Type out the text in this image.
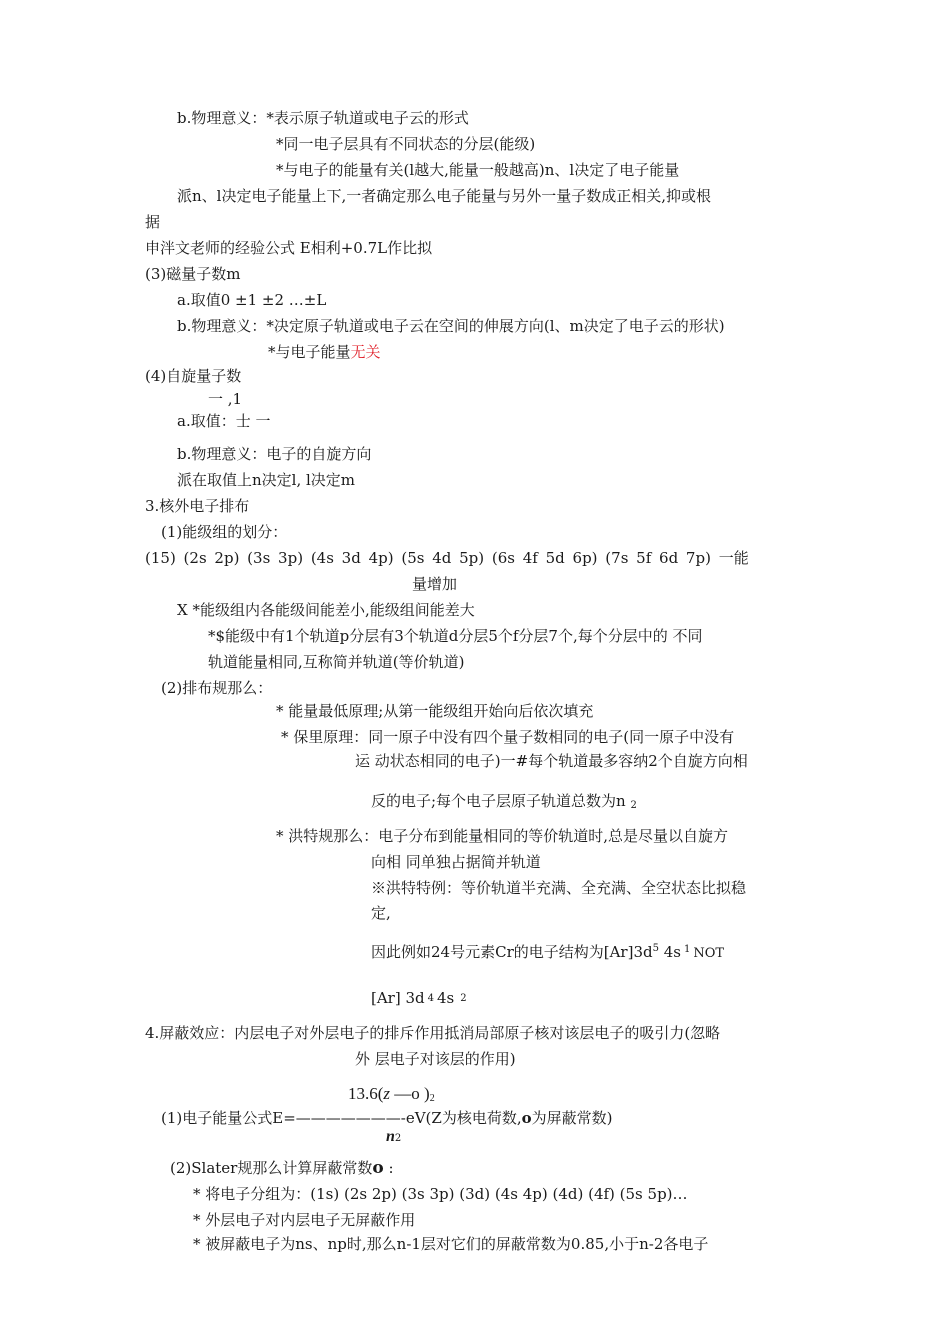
b.物理意义：*表示原子轨道或电子云的形式
*同一电子层具有不同状态的分层(能级)
*与电子的能量有关(l越大,能量一般越高)n、l决定了电子能量
派n、l决定电子能量上下,一者确定那么电子能量与另外一量子数成正相关,抑或根
据
申泮文老师的经验公式 E相利+0.7L作比拟
(3)磁量子数m
a.取值0 ±1 ±2 …±L
b.物理意义：*决定原子轨道或电子云在空间的伸展方向(l、m决定了电子云的形状)
*与电子能量无关
(4)自旋量子数
一 ,1
a.取值：士 一
b.物理意义：电子的自旋方向
派在取值上n决定l, l决定m
3.核外电子排布
(1)能级组的划分：
(15) (2s 2p) (3s 3p) (4s 3d 4p) (5s 4d 5p) (6s 4f 5d 6p) (7s 5f 6d 7p) 一能
量增加
X *能级组内各能级间能差小,能级组间能差大
*$能级中有1个轨道p分层有3个轨道d分层5个f分层7个,每个分层中的 不同
轨道能量相同,互称简并轨道(等价轨道)
(2)排布规那么：
* 能量最低原理;从第一能级组开始向后依次填充
* 保里原理：同一原子中没有四个量子数相同的电子(同一原子中没有
运 动状态相同的电子)一#每个轨道最多容纳2个自旋方向相
反的电子;每个电子层原子轨道总数为n 2
* 洪特规那么：电子分布到能量相同的等价轨道时,总是尽量以自旋方
向相 同单独占据简并轨道
※洪特特例：等价轨道半充满、全充满、全空状态比拟稳
定,
因此例如24号元素Cr的电子结构为$[Ar]3d^5$ 4s $^1$ NOT
[Ar] 3d 4 4s 2
4.屏蔽效应：内层电子对外层电子的排斥作用抵消局部原子核对该层电子的吸引力(忽略
外 层电子对该层的作用)
13.6(z —o )2
(1)电子能量公式E=———————-eV(Z为核电荷数,o为屏蔽常数)
n2
(2)Slater规那么计算屏蔽常数o :
* 将电子分组为：(1s) (2s 2p) (3s 3p) (3d) (4s 4p) (4d) (4f) (5s 5p)…
* 外层电子对内层电子无屏蔽作用
* 被屏蔽电子为ns、np时,那么n-1层对它们的屏蔽常数为0.85,小于n-2各电子
